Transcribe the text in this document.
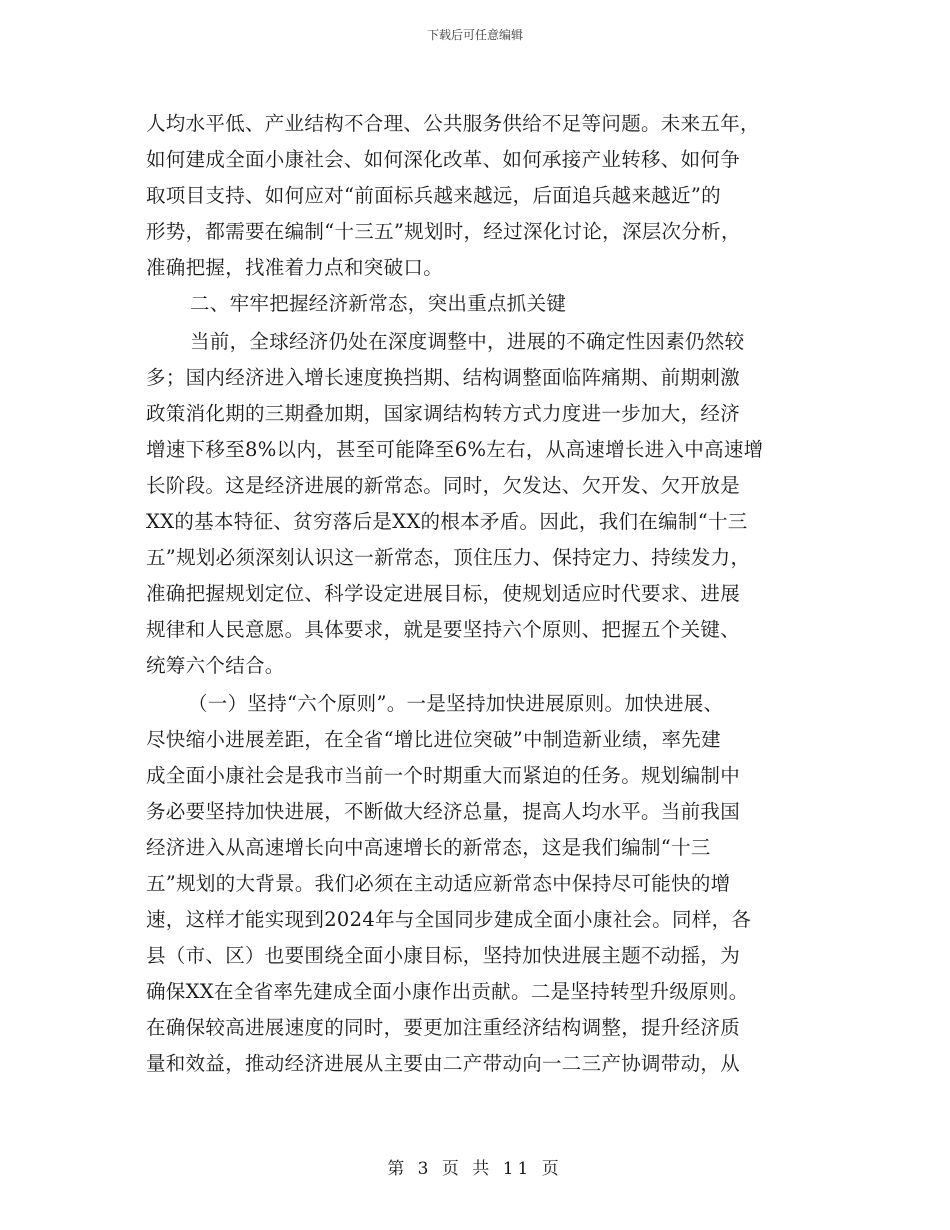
下载后可任意编辑
人均水平低、产业结构不合理、公共服务供给不足等问题。未来五年，
如何建成全面小康社会、如何深化改革、如何承接产业转移、如何争
取项目支持、如何应对“前面标兵越来越远，后面追兵越来越近”的
形势，都需要在编制“十三五”规划时，经过深化讨论，深层次分析，
准确把握，找准着力点和突破口。
二、牢牢把握经济新常态，突出重点抓关键
当前，全球经济仍处在深度调整中，进展的不确定性因素仍然较
多；国内经济进入增长速度换挡期、结构调整面临阵痛期、前期刺激
政策消化期的三期叠加期，国家调结构转方式力度进一步加大，经济
增速下移至8%以内，甚至可能降至6%左右，从高速增长进入中高速增
长阶段。这是经济进展的新常态。同时，欠发达、欠开发、欠开放是
XX的基本特征、贫穷落后是XX的根本矛盾。因此，我们在编制“十三
五”规划必须深刻认识这一新常态，顶住压力、保持定力、持续发力，
准确把握规划定位、科学设定进展目标，使规划适应时代要求、进展
规律和人民意愿。具体要求，就是要坚持六个原则、把握五个关键、
统筹六个结合。
（一）坚持“六个原则”。一是坚持加快进展原则。加快进展、
尽快缩小进展差距，在全省“增比进位突破”中制造新业绩，率先建
成全面小康社会是我市当前一个时期重大而紧迫的任务。规划编制中
务必要坚持加快进展，不断做大经济总量，提高人均水平。当前我国
经济进入从高速增长向中高速增长的新常态，这是我们编制“十三
五”规划的大背景。我们必须在主动适应新常态中保持尽可能快的增
速，这样才能实现到2024年与全国同步建成全面小康社会。同样，各
县（市、区）也要围绕全面小康目标，坚持加快进展主题不动摇，为
确保XX在全省率先建成全面小康作出贡献。二是坚持转型升级原则。
在确保较高进展速度的同时，要更加注重经济结构调整，提升经济质
量和效益，推动经济进展从主要由二产带动向一二三产协调带动，从
第 3 页 共 11 页
